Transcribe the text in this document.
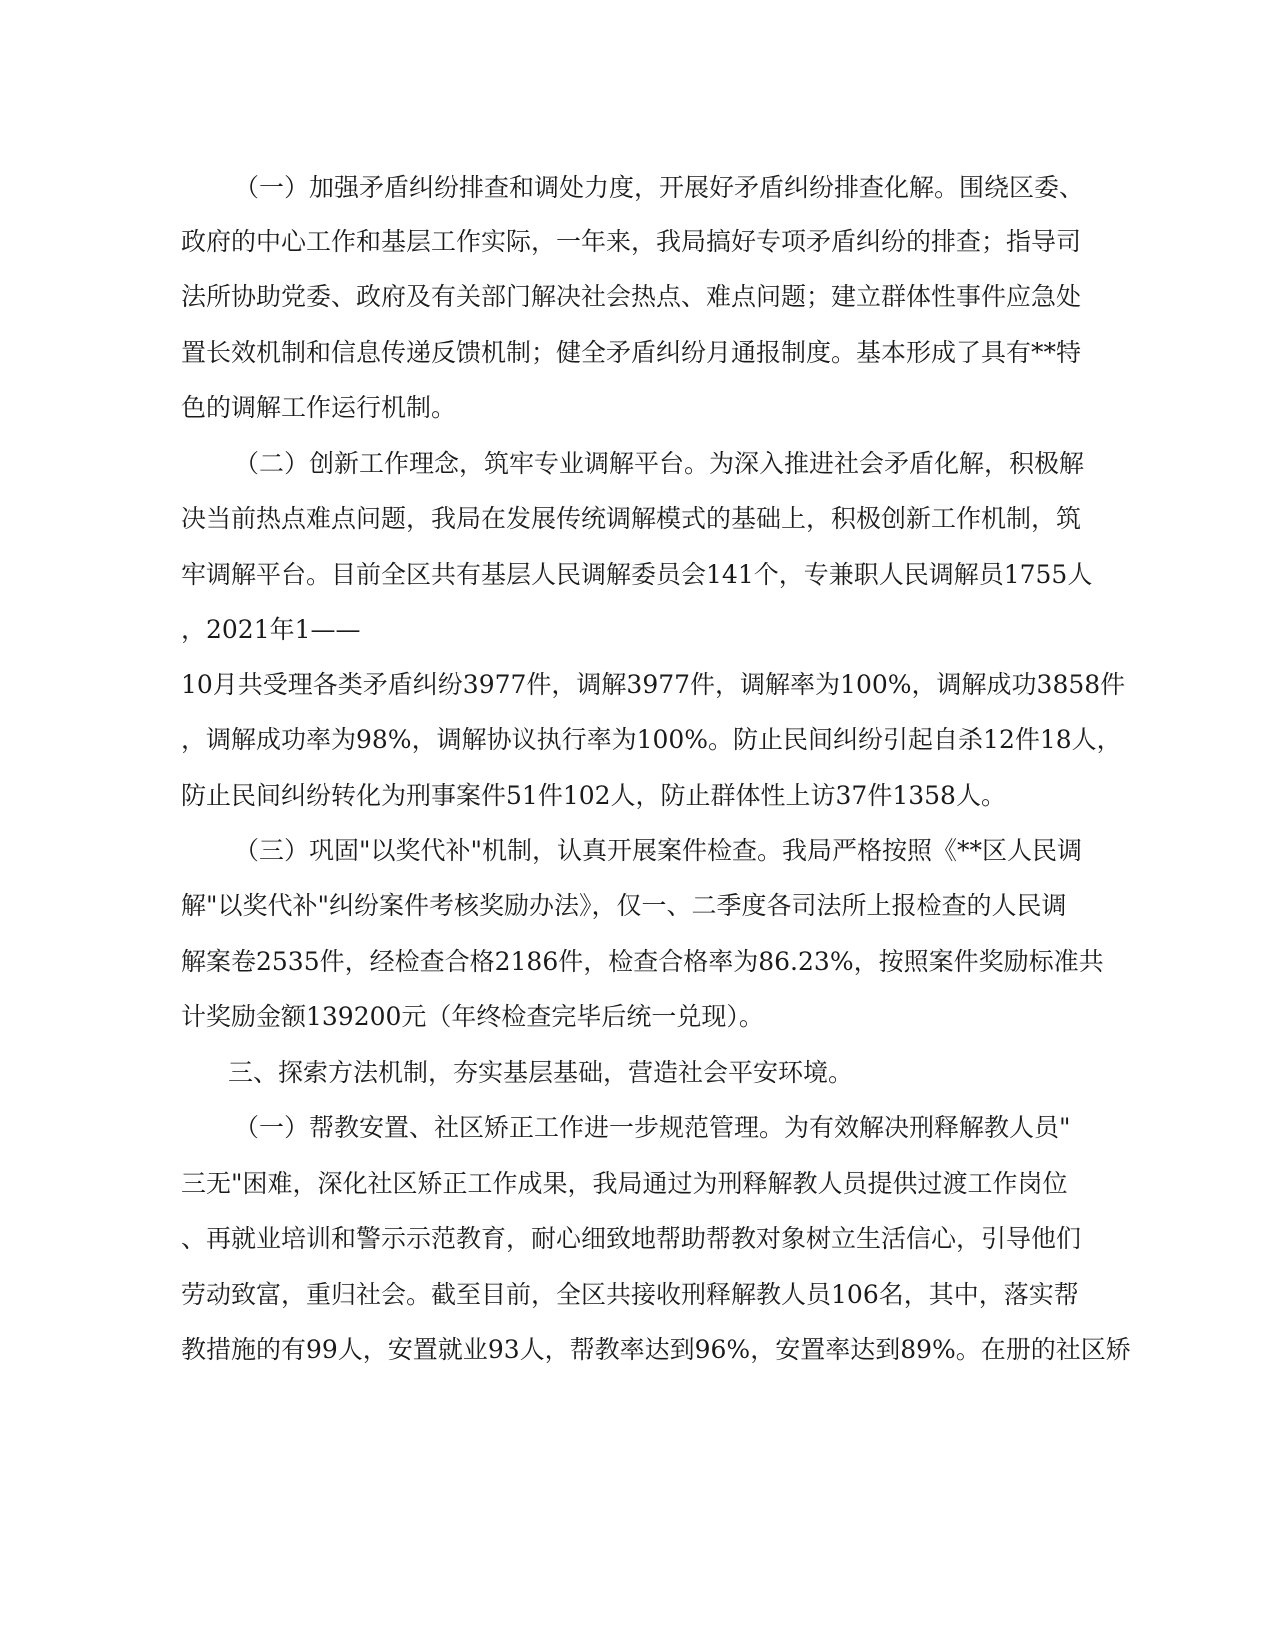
（一）加强矛盾纠纷排查和调处力度，开展好矛盾纠纷排查化解。围绕区委、

政府的中心工作和基层工作实际，一年来，我局搞好专项矛盾纠纷的排查；指导司

法所协助党委、政府及有关部门解决社会热点、难点问题；建立群体性事件应急处

置长效机制和信息传递反馈机制；健全矛盾纠纷月通报制度。基本形成了具有**特

色的调解工作运行机制。

（二）创新工作理念，筑牢专业调解平台。为深入推进社会矛盾化解，积极解

决当前热点难点问题，我局在发展传统调解模式的基础上，积极创新工作机制，筑

牢调解平台。目前全区共有基层人民调解委员会141个，专兼职人民调解员1755人

，2021年1——

10月共受理各类矛盾纠纷3977件，调解3977件，调解率为100%，调解成功3858件

，调解成功率为98%，调解协议执行率为100%。防止民间纠纷引起自杀12件18人，

防止民间纠纷转化为刑事案件51件102人，防止群体性上访37件1358人。

（三）巩固"以奖代补"机制，认真开展案件检查。我局严格按照《**区人民调

解"以奖代补"纠纷案件考核奖励办法》，仅一、二季度各司法所上报检查的人民调

解案卷2535件，经检查合格2186件，检查合格率为86.23%，按照案件奖励标准共

计奖励金额139200元（年终检查完毕后统一兑现）。

三、探索方法机制，夯实基层基础，营造社会平安环境。

（一）帮教安置、社区矫正工作进一步规范管理。为有效解决刑释解教人员"

三无"困难，深化社区矫正工作成果，我局通过为刑释解教人员提供过渡工作岗位

、再就业培训和警示示范教育，耐心细致地帮助帮教对象树立生活信心，引导他们

劳动致富，重归社会。截至目前，全区共接收刑释解教人员106名，其中，落实帮

教措施的有99人，安置就业93人，帮教率达到96%，安置率达到89%。在册的社区矫
